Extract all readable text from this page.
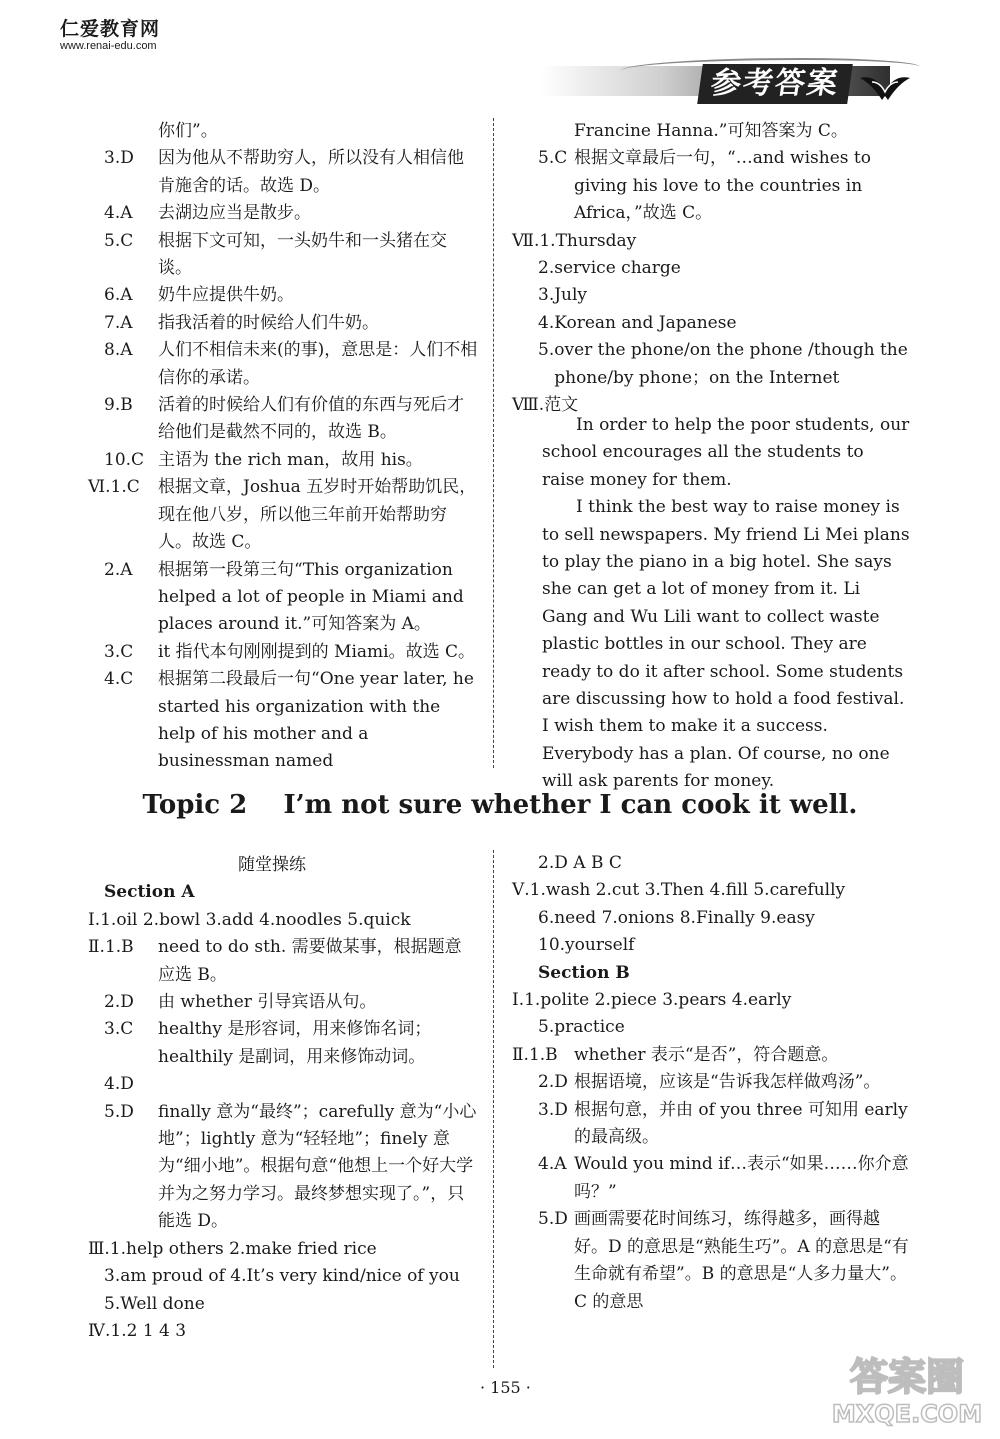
仁爱教育网
www.renai-edu.com
参考答案
你们”。
3.D	因为他从不帮助穷人，所以没有人相信他肯施舍的话。故选 D。
4.A	去湖边应当是散步。
5.C	根据下文可知，一头奶牛和一头猪在交谈。
6.A	奶牛应提供牛奶。
7.A	指我活着的时候给人们牛奶。
8.A	人们不相信未来(的事)，意思是：人们不相信你的承诺。
9.B	活着的时候给人们有价值的东西与死后才给他们是截然不同的，故选 B。
10.C 主语为 the rich man，故用 his。
Ⅵ.1.C	根据文章，Joshua 五岁时开始帮助饥民，现在他八岁，所以他三年前开始帮助穷人。故选 C。
2.A	根据第一段第三句“This organization helped a lot of people in Miami and places around it.”可知答案为 A。
3.C	it 指代本句刚刚提到的 Miami。故选 C。
4.C	根据第二段最后一句“One year later, he started his organization with the help of his mother and a businessman named
Francine Hanna.”可知答案为 C。
5.C 根据文章最后一句，“…and wishes to giving his love to the countries in Africa，”故选 C。
Ⅶ.1. Thursday
2. service charge
3. July
4. Korean and Japanese
5. over the phone/on the phone /though the phone/by phone；on the Internet
Ⅷ. 范文

In order to help the poor students, our school encourages all the students to raise money for them.

I think the best way to raise money is to sell newspapers. My friend Li Mei plans to play the piano in a big hotel. She says she can get a lot of money from it. Li Gang and Wu Lili want to collect waste plastic bottles in our school. They are ready to do it after school. Some students are discussing how to hold a food festival. I wish them to make it a success. Everybody has a plan. Of course, no one will ask parents for money.

Topic 2    I’m not sure whether I can cook it well.
随堂操练
Section A
Ⅰ.1. oil 2.bowl 3.add 4.noodles 5.quick
Ⅱ.1.B	need to do sth. 需要做某事，根据题意应选 B。
2.D	由 whether 引导宾语从句。
3.C	healthy 是形容词，用来修饰名词；healthily 是副词，用来修饰动词。
4.D
5.D	finally 意为“最终”；carefully 意为“小心地”；lightly 意为“轻轻地”；finely 意为“细小地”。根据句意“他想上一个好大学并为之努力学习。最终梦想实现了。”，只能选 D。
Ⅲ.1. help others 2.make fried rice
3. am proud of 4.It’s very kind/nice of you
5. Well done
Ⅳ.1. 2 1 4 3
2. D A B C
Ⅴ.1. wash 2.cut 3.Then 4.fill 5.carefully
6. need 7.onions 8.Finally 9.easy
10. yourself
Section B
Ⅰ.1. polite 2.piece 3.pears 4.early
5. practice
Ⅱ.1.B whether 表示“是否”，符合题意。
2.D 根据语境，应该是“告诉我怎样做鸡汤”。
3.D 根据句意，并由 of you three 可知用 early 的最高级。
4.A Would you mind if…表示“如果……你介意吗？”
5.D 画画需要花时间练习，练得越多，画得越好。D 的意思是“熟能生巧”。A 的意思是“有生命就有希望”。B 的意思是“人多力量大”。C 的意思
· 155 ·	答案圈
MXQE.COM
